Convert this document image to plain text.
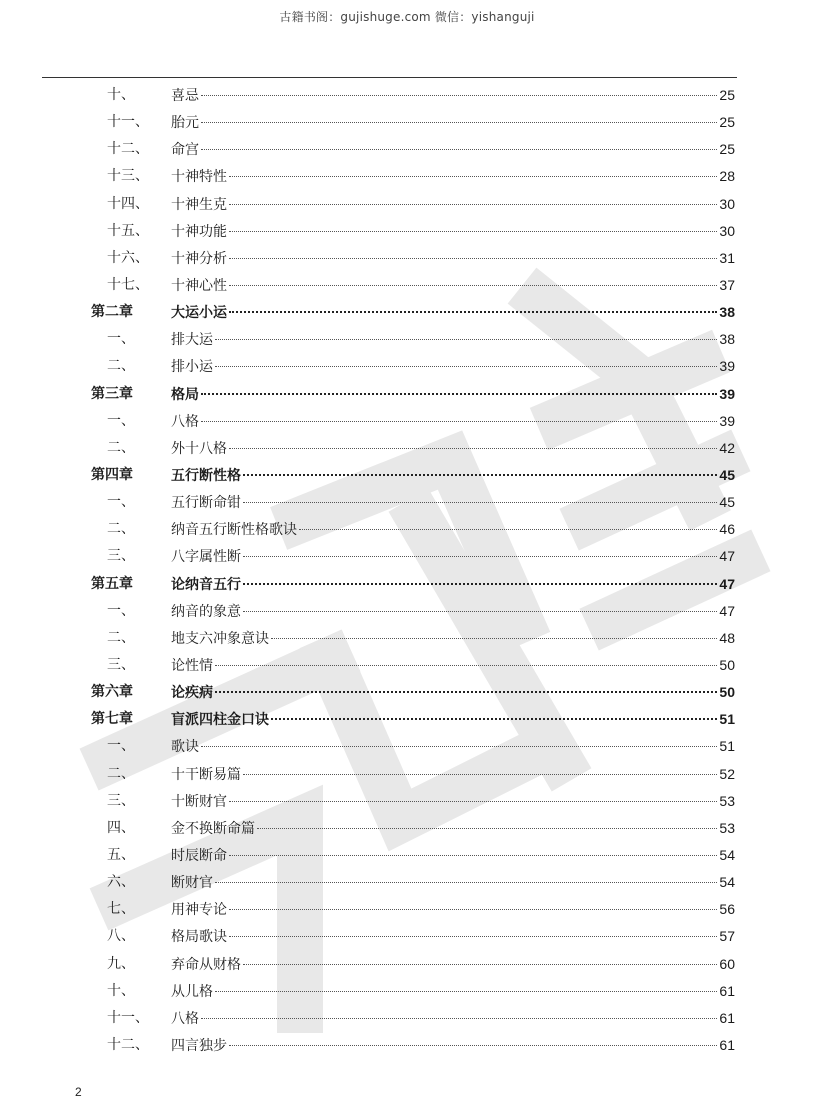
古籍书阁：gujishuge.com 微信：yishanguji
十、	喜忌	25
十一、 胎元	25
十二、 命宫	25
十三、 十神特性	28
十四、 十神生克	30
十五、 十神功能	30
十六、 十神分析	31
十七、 十神心性	37
第二章	大运小运	38
一、	排大运	38
二、	排小运	39
第三章	格局	39
一、	八格	39
二、	外十八格	42
第四章	五行断性格	45
一、	五行断命钳	45
二、	纳音五行断性格歌诀	46
三、	八字属性断	47
第五章	论纳音五行	47
一、	纳音的象意	47
二、	地支六冲象意诀	48
三、	论性情	50
第六章	论疾病	50
第七章	盲派四柱金口诀	51
一、	歌诀	51
二、	十干断易篇	52
三、	十断财官	53
四、	金不换断命篇	53
五、	时辰断命	54
六、	断财官	54
七、	用神专论	56
八、	格局歌诀	57
九、	弃命从财格	60
十、	从儿格	61
十一、 八格	61
十二、 四言独步	61
2
